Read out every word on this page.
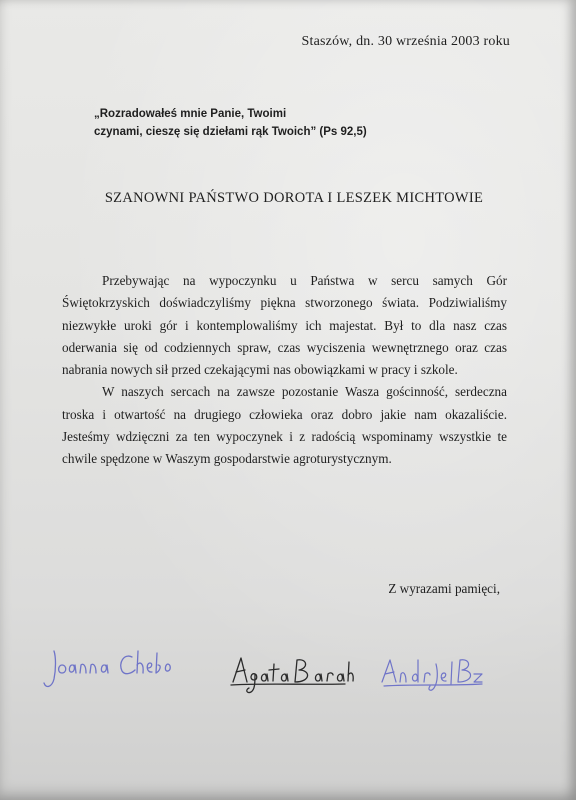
Staszów, dn. 30 września 2003 roku
„Rozradowałeś mnie Panie, Twoimi
czynami, cieszę się dziełami rąk Twoich” (Ps 92,5)
SZANOWNI PAŃSTWO DOROTA I LESZEK MICHTOWIE

Przebywając na wypoczynku u Państwa w sercu samych Gór Świętokrzyskich doświadczyliśmy piękna stworzonego świata. Podziwialiśmy niezwykłe uroki gór i kontemplowaliśmy ich majestat. Był to dla nasz czas oderwania się od codziennych spraw, czas wyciszenia wewnętrznego oraz czas nabrania nowych sił przed czekającymi nas obowiązkami w pracy i szkole.

W naszych sercach na zawsze pozostanie Wasza gościnność, serdeczna troska i otwartość na drugiego człowieka oraz dobro jakie nam okazaliście. Jesteśmy wdzięczni za ten wypoczynek i z radością wspominamy wszystkie te chwile spędzone w Waszym gospodarstwie agroturystycznym.

Z wyrazami pamięci,
